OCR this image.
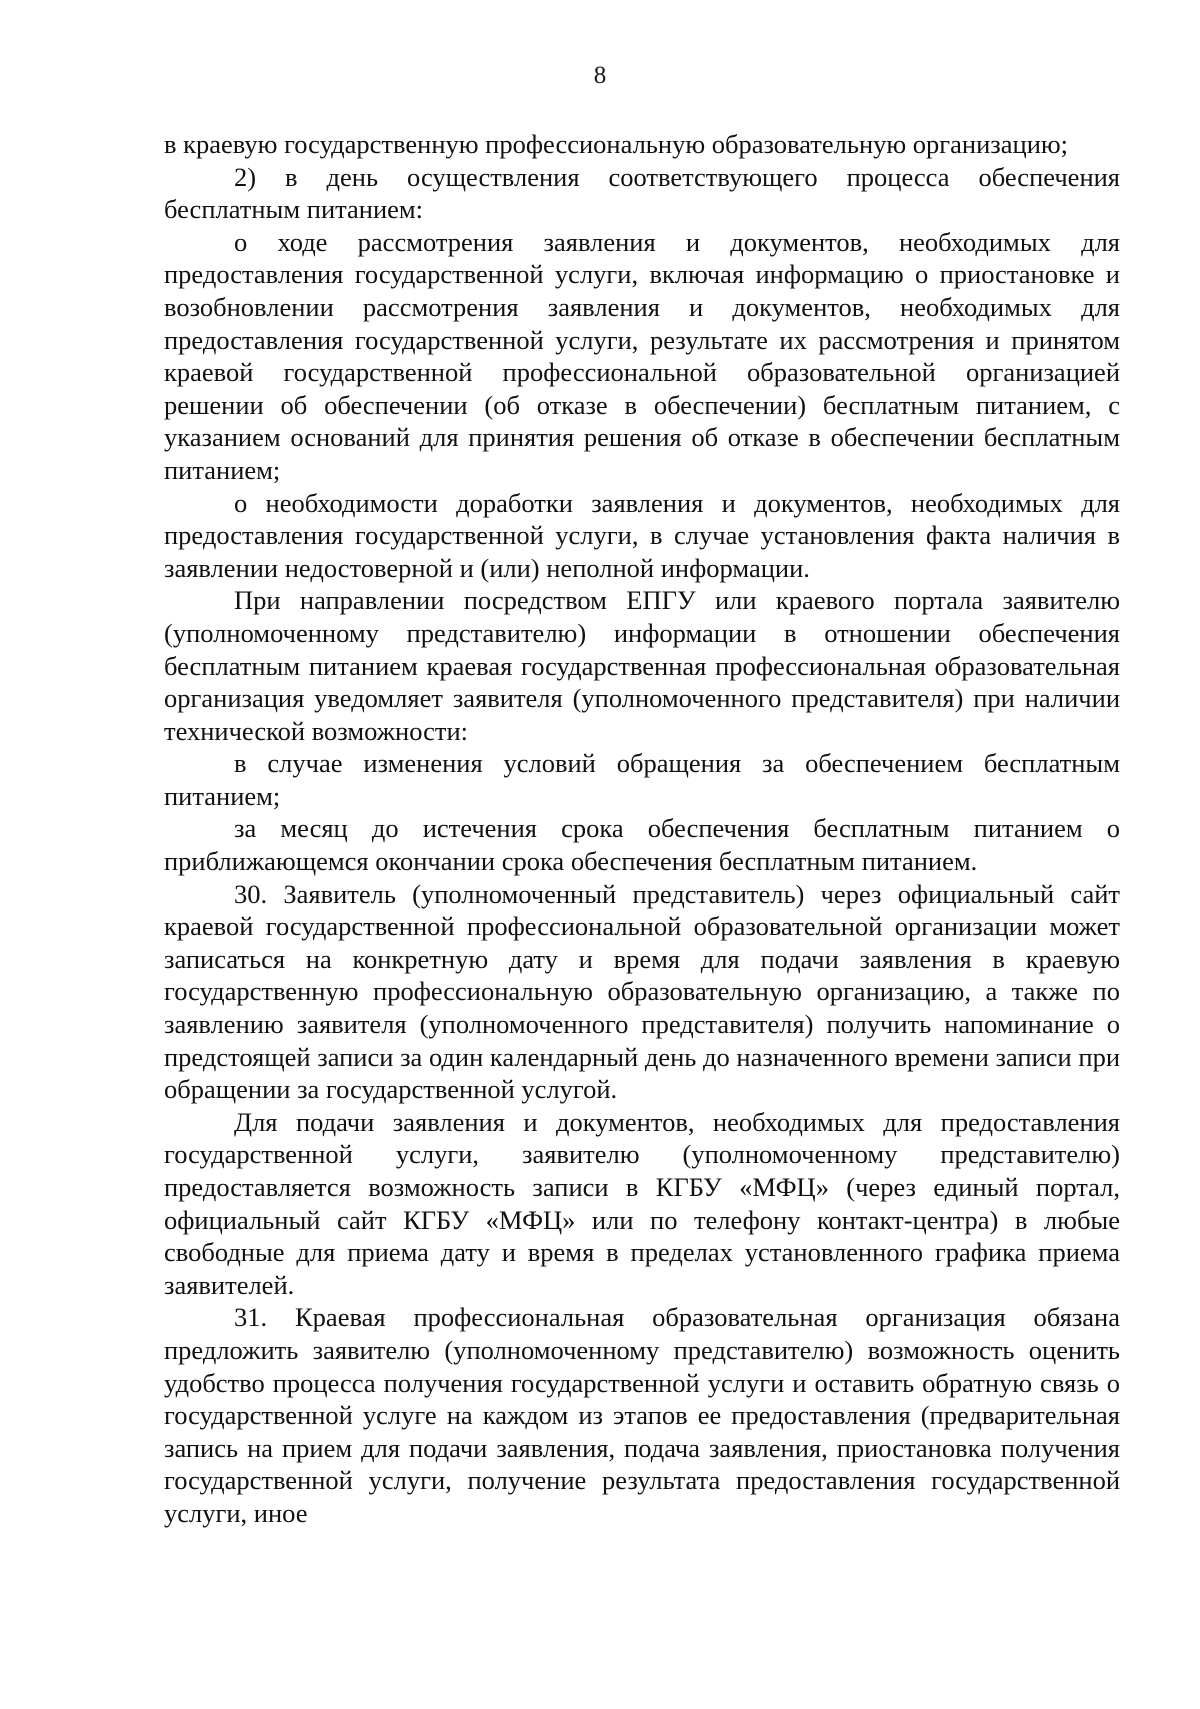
8

в краевую государственную профессиональную образовательную организацию;

2) в день осуществления соответствующего процесса обеспечения бесплатным питанием:

о ходе рассмотрения заявления и документов, необходимых для предоставления государственной услуги, включая информацию о приостановке и возобновлении рассмотрения заявления и документов, необходимых для предоставления государственной услуги, результате их рассмотрения и принятом краевой государственной профессиональной образовательной организацией решении об обеспечении (об отказе в обеспечении) бесплатным питанием, с указанием оснований для принятия решения об отказе в обеспечении бесплатным питанием;

о необходимости доработки заявления и документов, необходимых для предоставления государственной услуги, в случае установления факта наличия в заявлении недостоверной и (или) неполной информации.

При направлении посредством ЕПГУ или краевого портала заявителю (уполномоченному представителю) информации в отношении обеспечения бесплатным питанием краевая государственная профессиональная образовательная организация уведомляет заявителя (уполномоченного представителя) при наличии технической возможности:

в случае изменения условий обращения за обеспечением бесплатным питанием;

за месяц до истечения срока обеспечения бесплатным питанием о приближающемся окончании срока обеспечения бесплатным питанием.

30. Заявитель (уполномоченный представитель) через официальный сайт краевой государственной профессиональной образовательной организации может записаться на конкретную дату и время для подачи заявления в краевую государственную профессиональную образовательную организацию, а также по заявлению заявителя (уполномоченного представителя) получить напоминание о предстоящей записи за один календарный день до назначенного времени записи при обращении за государственной услугой.

Для подачи заявления и документов, необходимых для предоставления государственной услуги, заявителю (уполномоченному представителю) предоставляется возможность записи в КГБУ «МФЦ» (через единый портал, официальный сайт КГБУ «МФЦ» или по телефону контакт-центра) в любые свободные для приема дату и время в пределах установленного графика приема заявителей.

31. Краевая профессиональная образовательная организация обязана предложить заявителю (уполномоченному представителю) возможность оценить удобство процесса получения государственной услуги и оставить обратную связь о государственной услуге на каждом из этапов ее предоставления (предварительная запись на прием для подачи заявления, подача заявления, приостановка получения государственной услуги, получение результата предоставления государственной услуги, иное
